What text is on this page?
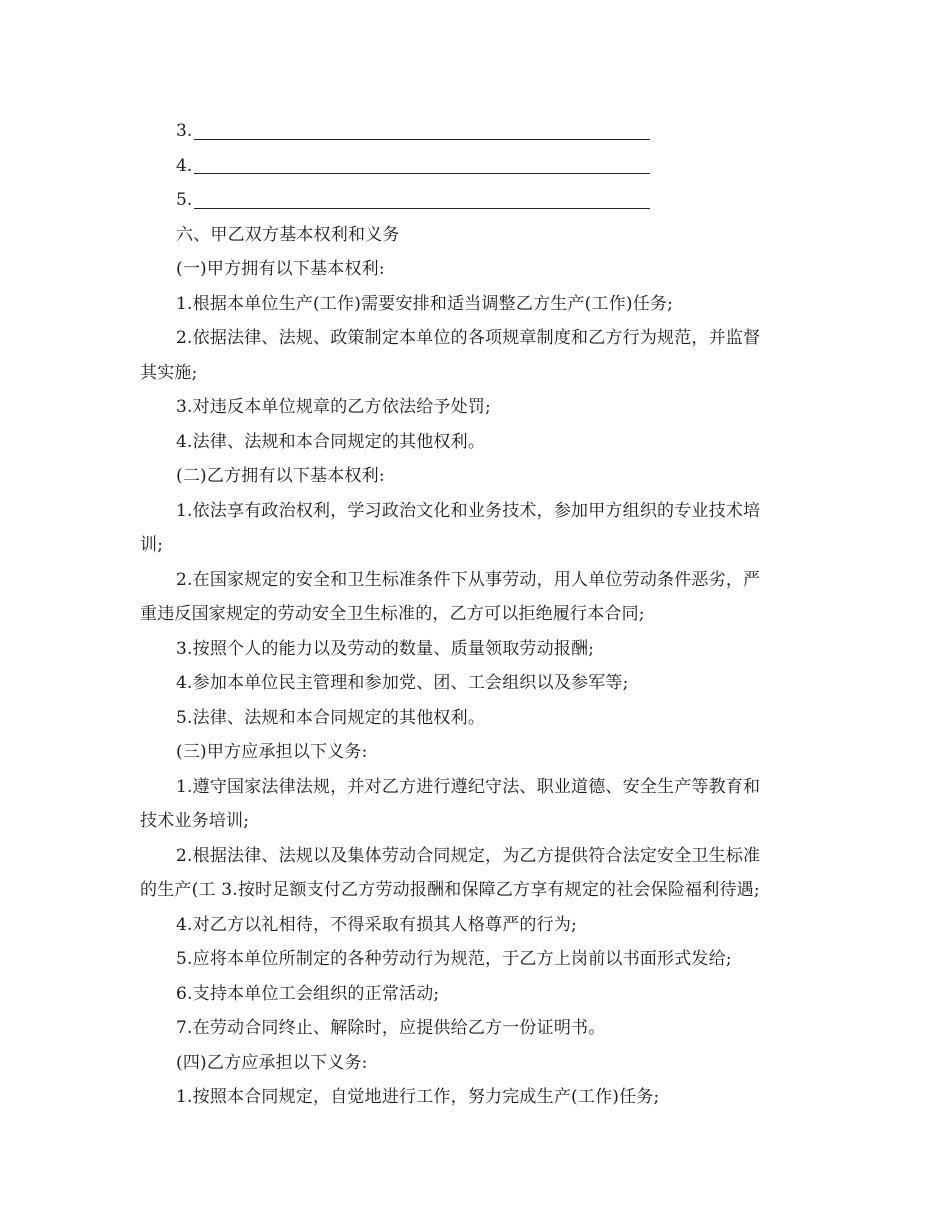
3.
4.
5.
六、甲乙双方基本权利和义务
(一)甲方拥有以下基本权利:
1.根据本单位生产(工作)需要安排和适当调整乙方生产(工作)任务;
2.依据法律、法规、政策制定本单位的各项规章制度和乙方行为规范，并监督
其实施;
3.对违反本单位规章的乙方依法给予处罚;
4.法律、法规和本合同规定的其他权利。
(二)乙方拥有以下基本权利:
1.依法享有政治权利，学习政治文化和业务技术，参加甲方组织的专业技术培
训;
2.在国家规定的安全和卫生标准条件下从事劳动，用人单位劳动条件恶劣，严
重违反国家规定的劳动安全卫生标准的，乙方可以拒绝履行本合同;
3.按照个人的能力以及劳动的数量、质量领取劳动报酬;
4.参加本单位民主管理和参加党、团、工会组织以及参军等;
5.法律、法规和本合同规定的其他权利。
(三)甲方应承担以下义务:
1.遵守国家法律法规，并对乙方进行遵纪守法、职业道德、安全生产等教育和
技术业务培训;
2.根据法律、法规以及集体劳动合同规定，为乙方提供符合法定安全卫生标准
的生产(工 3.按时足额支付乙方劳动报酬和保障乙方享有规定的社会保险福利待遇;
4.对乙方以礼相待，不得采取有损其人格尊严的行为;
5.应将本单位所制定的各种劳动行为规范，于乙方上岗前以书面形式发给;
6.支持本单位工会组织的正常活动;
7.在劳动合同终止、解除时，应提供给乙方一份证明书。
(四)乙方应承担以下义务:
1.按照本合同规定，自觉地进行工作，努力完成生产(工作)任务;
